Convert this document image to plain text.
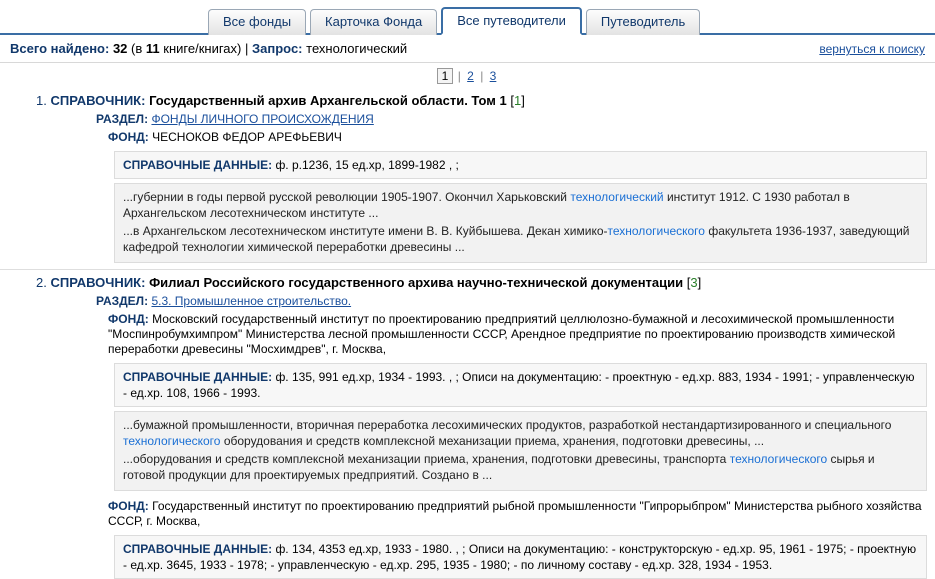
Все фонды	Карточка Фонда	Все путеводители	Путеводитель
Всего найдено: 32 (в 11 книге/книгах) | Запрос: технологический	вернуться к поиску
1 | 2 | 3
1. СПРАВОЧНИК: Государственный архив Архангельской области. Том 1 [1]
РАЗДЕЛ: ФОНДЫ ЛИЧНОГО ПРОИСХОЖДЕНИЯ
ФОНД: ЧЕСНОКОВ ФЕДОР АРЕФЬЕВИЧ
СПРАВОЧНЫЕ ДАННЫЕ: ф. р.1236, 15 ед.хр, 1899-1982 , ;

...губернии в годы первой русской революции 1905-1907. Окончил Харьковский технологический институт 1912. С 1930 работал в Архангельском лесотехническом институте ...

...в Архангельском лесотехническом институте имени В. В. Куйбышева. Декан химико-технологического факультета 1936-1937, заведующий кафедрой технологии химической переработки древесины ...

2. СПРАВОЧНИК: Филиал Российского государственного архива научно-технической документации [3]
РАЗДЕЛ: 5.3. Промышленное строительство.
ФОНД: Московский государственный институт по проектированию предприятий целлюлозно-бумажной и лесохимической промышленности "Моспинробумхимпром" Министерства лесной промышленности СССР, Арендное предприятие по проектированию производств химической переработки древесины "Мосхимдрев", г. Москва,
СПРАВОЧНЫЕ ДАННЫЕ: ф. 135, 991 ед.хр, 1934 - 1993. , ; Описи на документацию: - проектную - ед.хр. 883, 1934 - 1991; - управленческую - ед.хр. 108, 1966 - 1993.

...бумажной промышленности, вторичная переработка лесохимических продуктов, разработкой нестандартизированного и специального технологического оборудования и средств комплексной механизации приема, хранения, подготовки древесины, ...

...оборудования и средств комплексной механизации приема, хранения, подготовки древесины, транспорта технологического сырья и готовой продукции для проектируемых предприятий. Создано в ...

ФОНД: Государственный институт по проектированию предприятий рыбной промышленности "Гипрорыбпром" Министерства рыбного хозяйства СССР, г. Москва,
СПРАВОЧНЫЕ ДАННЫЕ: ф. 134, 4353 ед.хр, 1933 - 1980. , ; Описи на документацию: - конструкторскую - ед.хр. 95, 1961 - 1975; - проектную - ед.хр. 3645, 1933 - 1978; - управленческую - ед.хр. 295, 1935 - 1980; - по личному составу - ед.хр. 328, 1934 - 1953.
